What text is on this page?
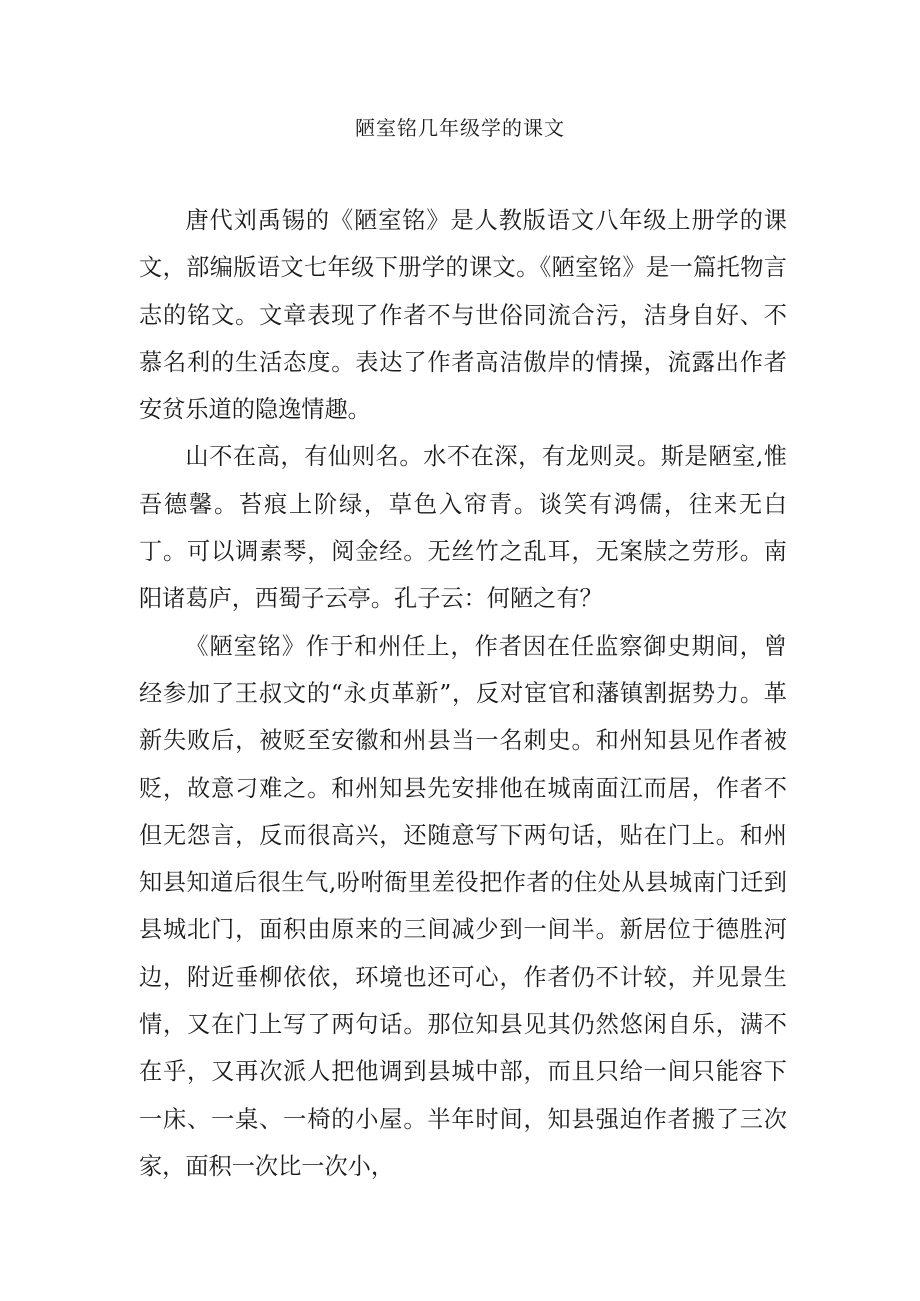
陋室铭几年级学的课文

唐代刘禹锡的《陋室铭》是人教版语文八年级上册学的课文，部编版语文七年级下册学的课文。《陋室铭》是一篇托物言志的铭文。文章表现了作者不与世俗同流合污，洁身自好、不慕名利的生活态度。表达了作者高洁傲岸的情操，流露出作者安贫乐道的隐逸情趣。

山不在高，有仙则名。水不在深，有龙则灵。斯是陋室,惟吾德馨。苔痕上阶绿，草色入帘青。谈笑有鸿儒，往来无白丁。可以调素琴，阅金经。无丝竹之乱耳，无案牍之劳形。南阳诸葛庐，西蜀子云亭。孔子云：何陋之有？

《陋室铭》作于和州任上，作者因在任监察御史期间，曾经参加了王叔文的“永贞革新”，反对宦官和藩镇割据势力。革新失败后，被贬至安徽和州县当一名刺史。和州知县见作者被贬，故意刁难之。和州知县先安排他在城南面江而居，作者不但无怨言，反而很高兴，还随意写下两句话，贴在门上。和州知县知道后很生气,吩咐衙里差役把作者的住处从县城南门迁到县城北门，面积由原来的三间减少到一间半。新居位于德胜河边，附近垂柳依依，环境也还可心，作者仍不计较，并见景生情，又在门上写了两句话。那位知县见其仍然悠闲自乐，满不在乎，又再次派人把他调到县城中部，而且只给一间只能容下一床、一桌、一椅的小屋。半年时间，知县强迫作者搬了三次家，面积一次比一次小，
